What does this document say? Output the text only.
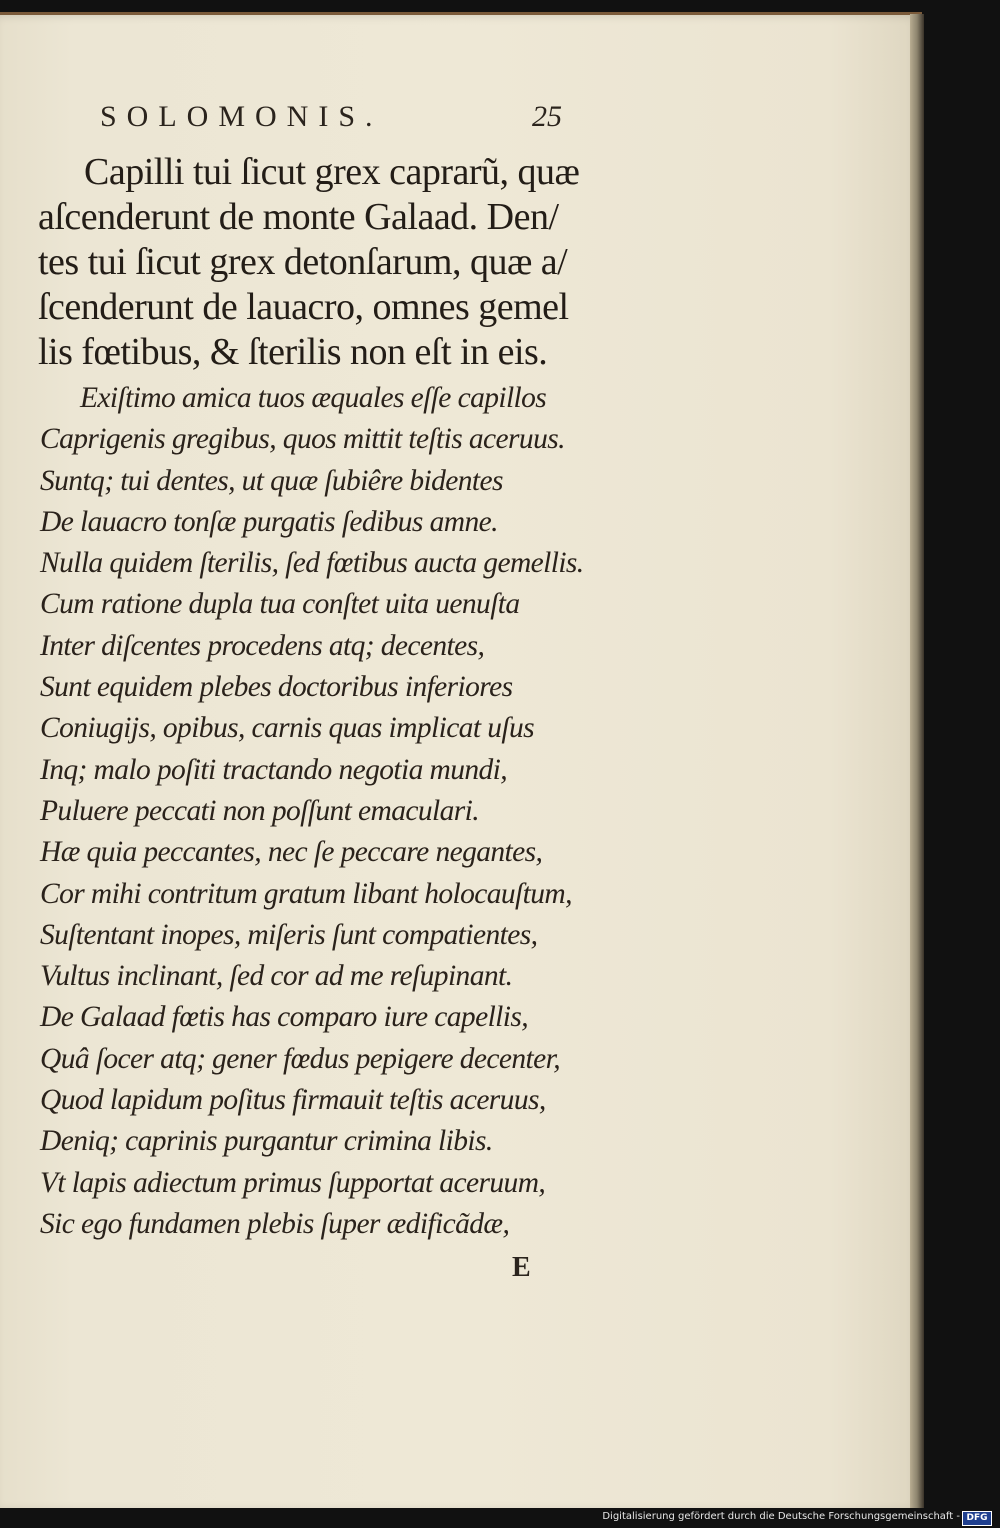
SOLOMONIS.	25
Capilli tui ſicut grex caprarũ, quæ
aſcenderunt de monte Galaad. Den/
tes tui ſicut grex detonſarum, quæ a/
ſcenderunt de lauacro, omnes gemel
lis fœtibus, & ſterilis non eſt in eis.
Exiſtimo amica tuos æquales eſſe capillos
Caprigenis gregibus, quos mittit teſtis aceruus.
Suntq; tui dentes, ut quæ ſubiêre bidentes
De lauacro tonſæ purgatis ſedibus amne.
Nulla quidem ſterilis, ſed fœtibus aucta gemellis.
Cum ratione dupla tua conſtet uita uenuſta
Inter diſcentes procedens atq; decentes,
Sunt equidem plebes doctoribus inferiores
Coniugijs, opibus, carnis quas implicat uſus
Inq; malo poſiti tractando negotia mundi,
Puluere peccati non poſſunt emaculari.
Hæ quia peccantes, nec ſe peccare negantes,
Cor mihi contritum gratum libant holocauſtum,
Suſtentant inopes, miſeris ſunt compatientes,
Vultus inclinant, ſed cor ad me reſupinant.
De Galaad fœtis has comparo iure capellis,
Quâ ſocer atq; gener fœdus pepigere decenter,
Quod lapidum poſitus firmauit teſtis aceruus,
Deniq; caprinis purgantur crimina libis.
Vt lapis adiectum primus ſupportat aceruum,
Sic ego fundamen plebis ſuper ædificãdæ,
E
Digitalisierung gefördert durch die Deutsche Forschungsgemeinschaft - DFG
